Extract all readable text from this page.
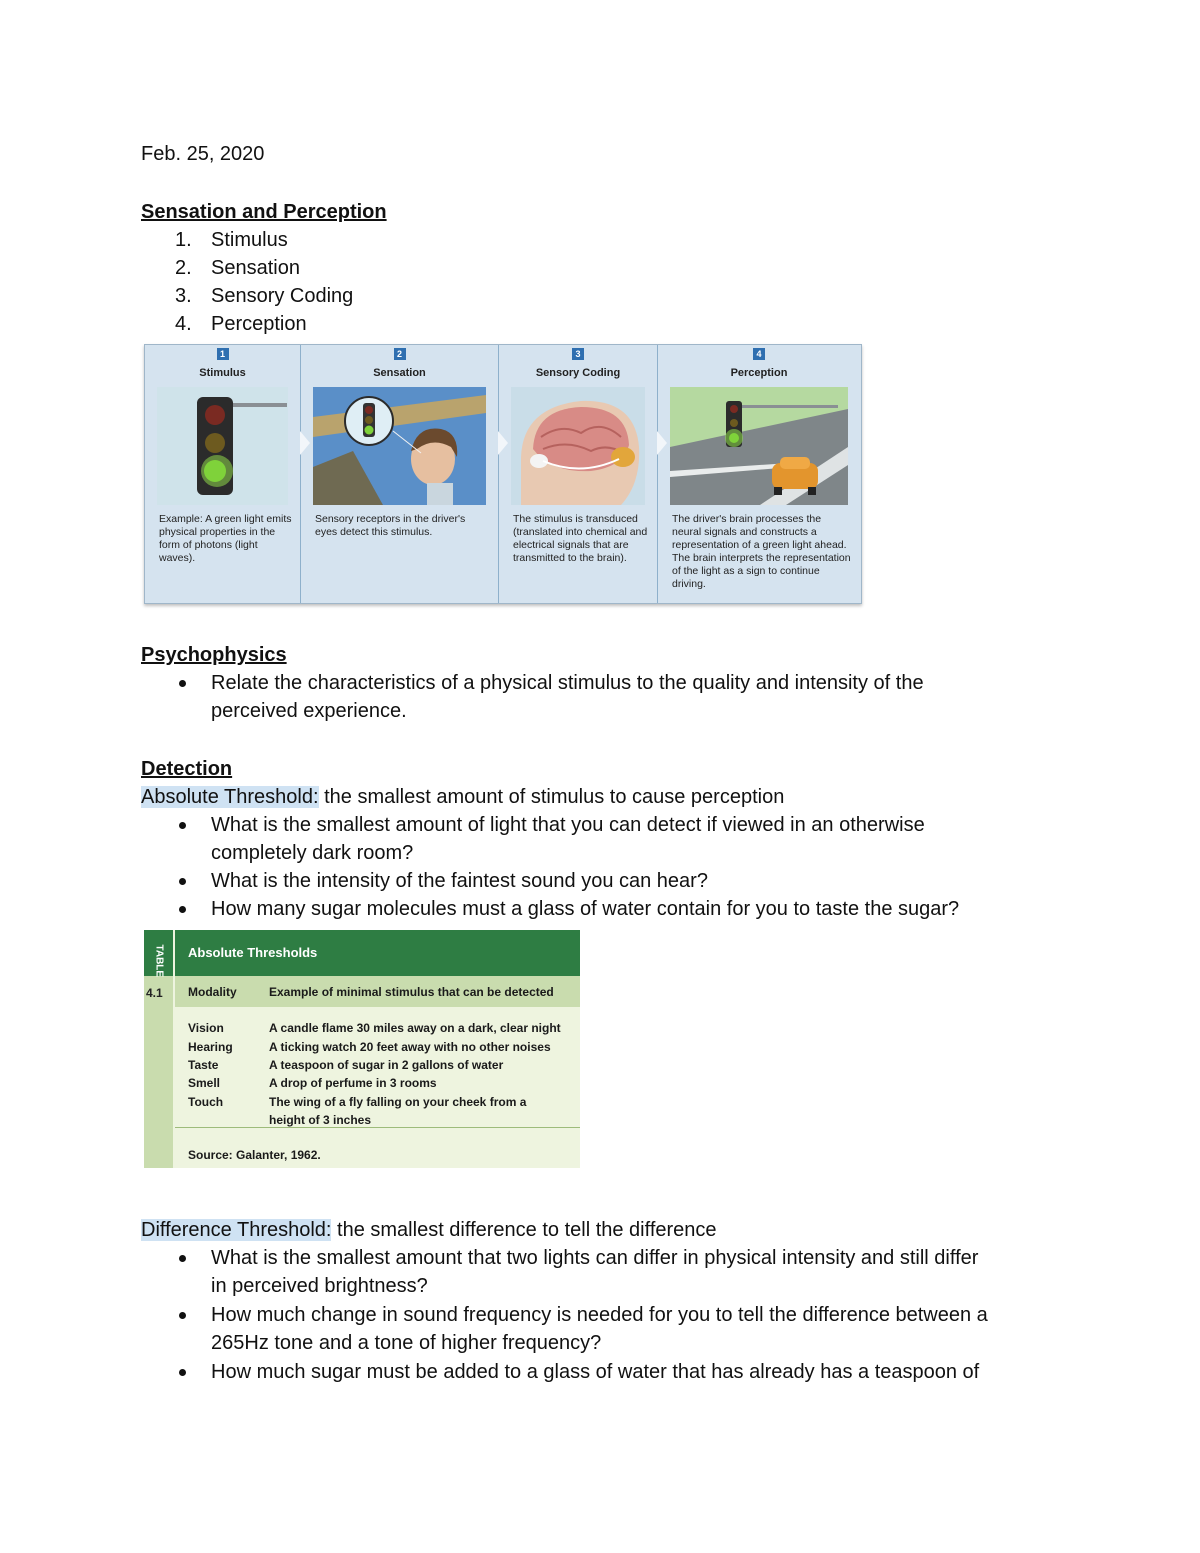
Feb. 25, 2020
Sensation and Perception
1. Stimulus
2. Sensation
3. Sensory Coding
4. Perception
1
Stimulus
Example: A green light emits physical properties in the form of photons (light waves).
2
Sensation
Sensory receptors in the driver's eyes detect this stimulus.
3
Sensory Coding
The stimulus is transduced (translated into chemical and electrical signals that are transmitted to the brain).
4
Perception
The driver's brain processes the neural signals and constructs a representation of a green light ahead. The brain interprets the representation of the light as a sign to continue driving.
Psychophysics
Relate the characteristics of a physical stimulus to the quality and intensity of the
perceived experience.
Detection
Absolute Threshold: the smallest amount of stimulus to cause perception
What is the smallest amount of light that you can detect if viewed in an otherwise
completely dark room?
What is the intensity of the faintest sound you can hear?
How many sugar molecules must a glass of water contain for you to taste the sugar?
TABLE Absolute Thresholds
4.1 Modality	Example of minimal stimulus that can be detected
Vision	A candle flame 30 miles away on a dark, clear night
Hearing	A ticking watch 20 feet away with no other noises
Taste	A teaspoon of sugar in 2 gallons of water
Smell	A drop of perfume in 3 rooms
Touch	The wing of a fly falling on your cheek from a
height of 3 inches
Source: Galanter, 1962.
Difference Threshold: the smallest difference to tell the difference
What is the smallest amount that two lights can differ in physical intensity and still differ
in perceived brightness?
How much change in sound frequency is needed for you to tell the difference between a
265Hz tone and a tone of higher frequency?
How much sugar must be added to a glass of water that has already has a teaspoon of
